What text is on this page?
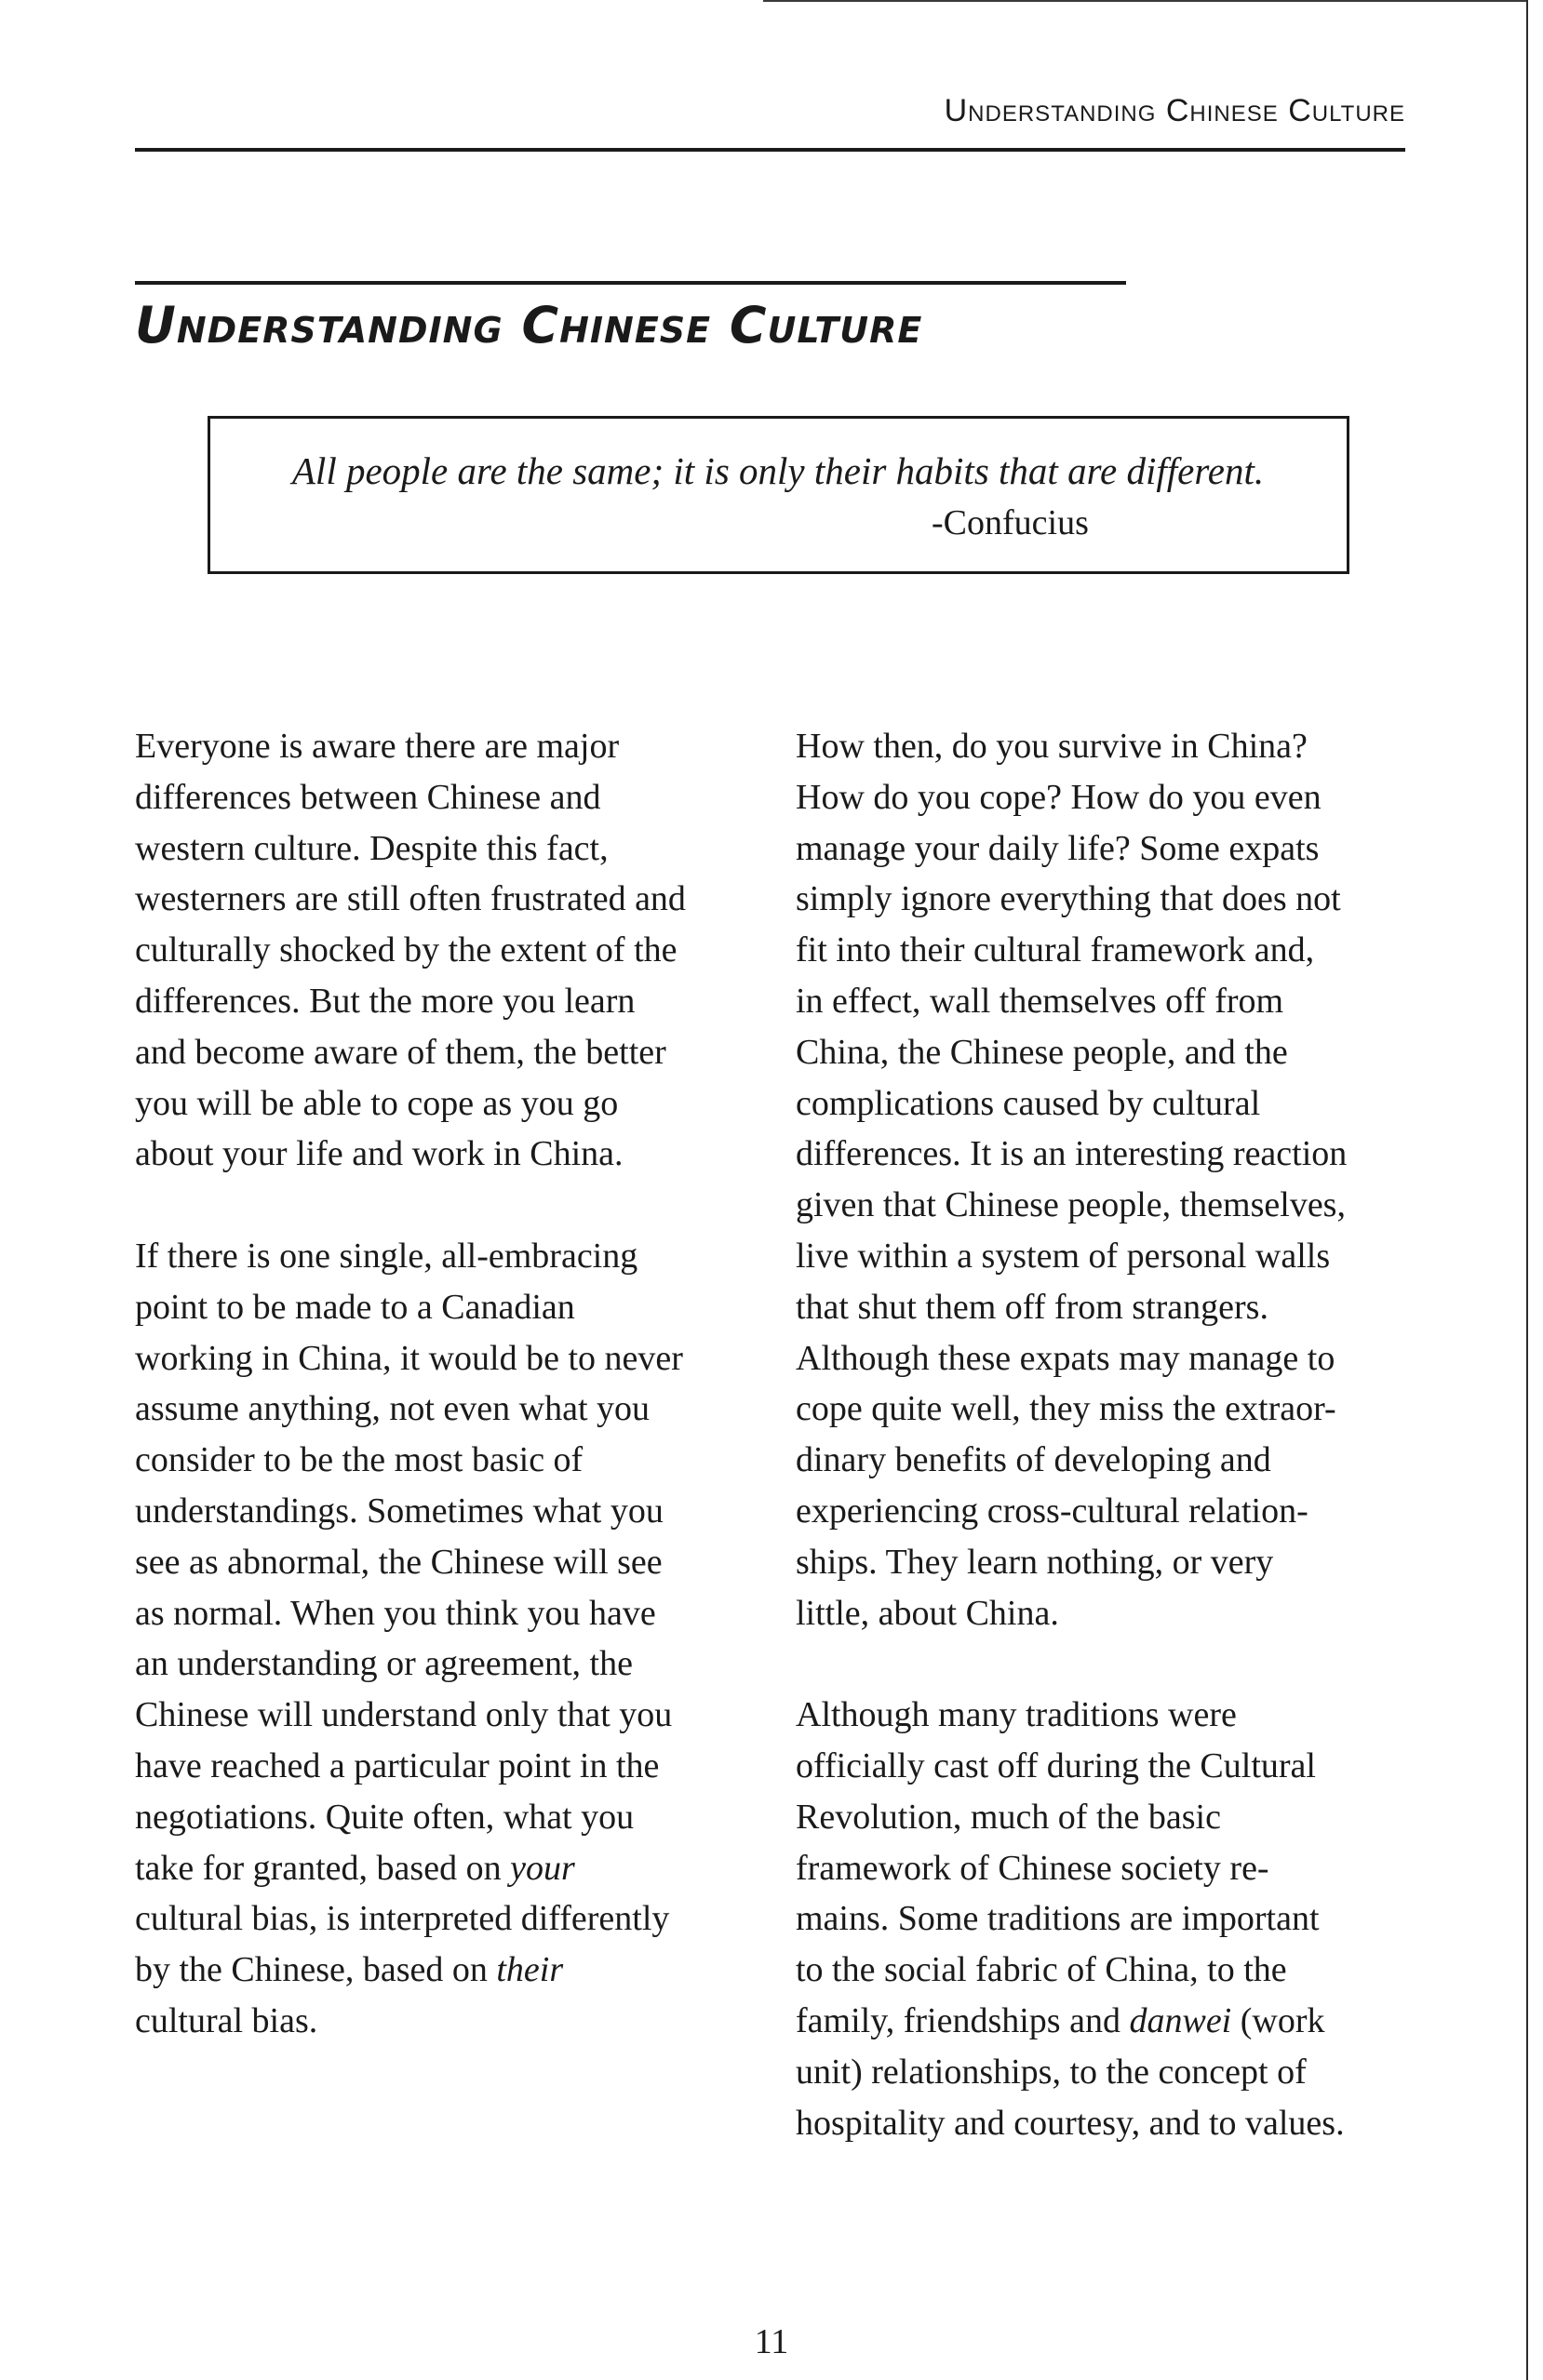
Understanding Chinese Culture
Understanding Chinese Culture
All people are the same; it is only their habits that are different.
-Confucius

Everyone is aware there are major
differences between Chinese and
western culture. Despite this fact,
westerners are still often frustrated and
culturally shocked by the extent of the
differences. But the more you learn
and become aware of them, the better
you will be able to cope as you go
about your life and work in China.

If there is one single, all-embracing
point to be made to a Canadian
working in China, it would be to never
assume anything, not even what you
consider to be the most basic of
understandings. Sometimes what you
see as abnormal, the Chinese will see
as normal. When you think you have
an understanding or agreement, the
Chinese will understand only that you
have reached a particular point in the
negotiations. Quite often, what you
take for granted, based on your
cultural bias, is interpreted differently
by the Chinese, based on their
cultural bias.

How then, do you survive in China?
How do you cope? How do you even
manage your daily life? Some expats
simply ignore everything that does not
fit into their cultural framework and,
in effect, wall themselves off from
China, the Chinese people, and the
complications caused by cultural
differences. It is an interesting reaction
given that Chinese people, themselves,
live within a system of personal walls
that shut them off from strangers.
Although these expats may manage to
cope quite well, they miss the extraor-
dinary benefits of developing and
experiencing cross-cultural relation-
ships. They learn nothing, or very
little, about China.

Although many traditions were
officially cast off during the Cultural
Revolution, much of the basic
framework of Chinese society re-
mains. Some traditions are important
to the social fabric of China, to the
family, friendships and danwei (work
unit) relationships, to the concept of
hospitality and courtesy, and to values.

11
